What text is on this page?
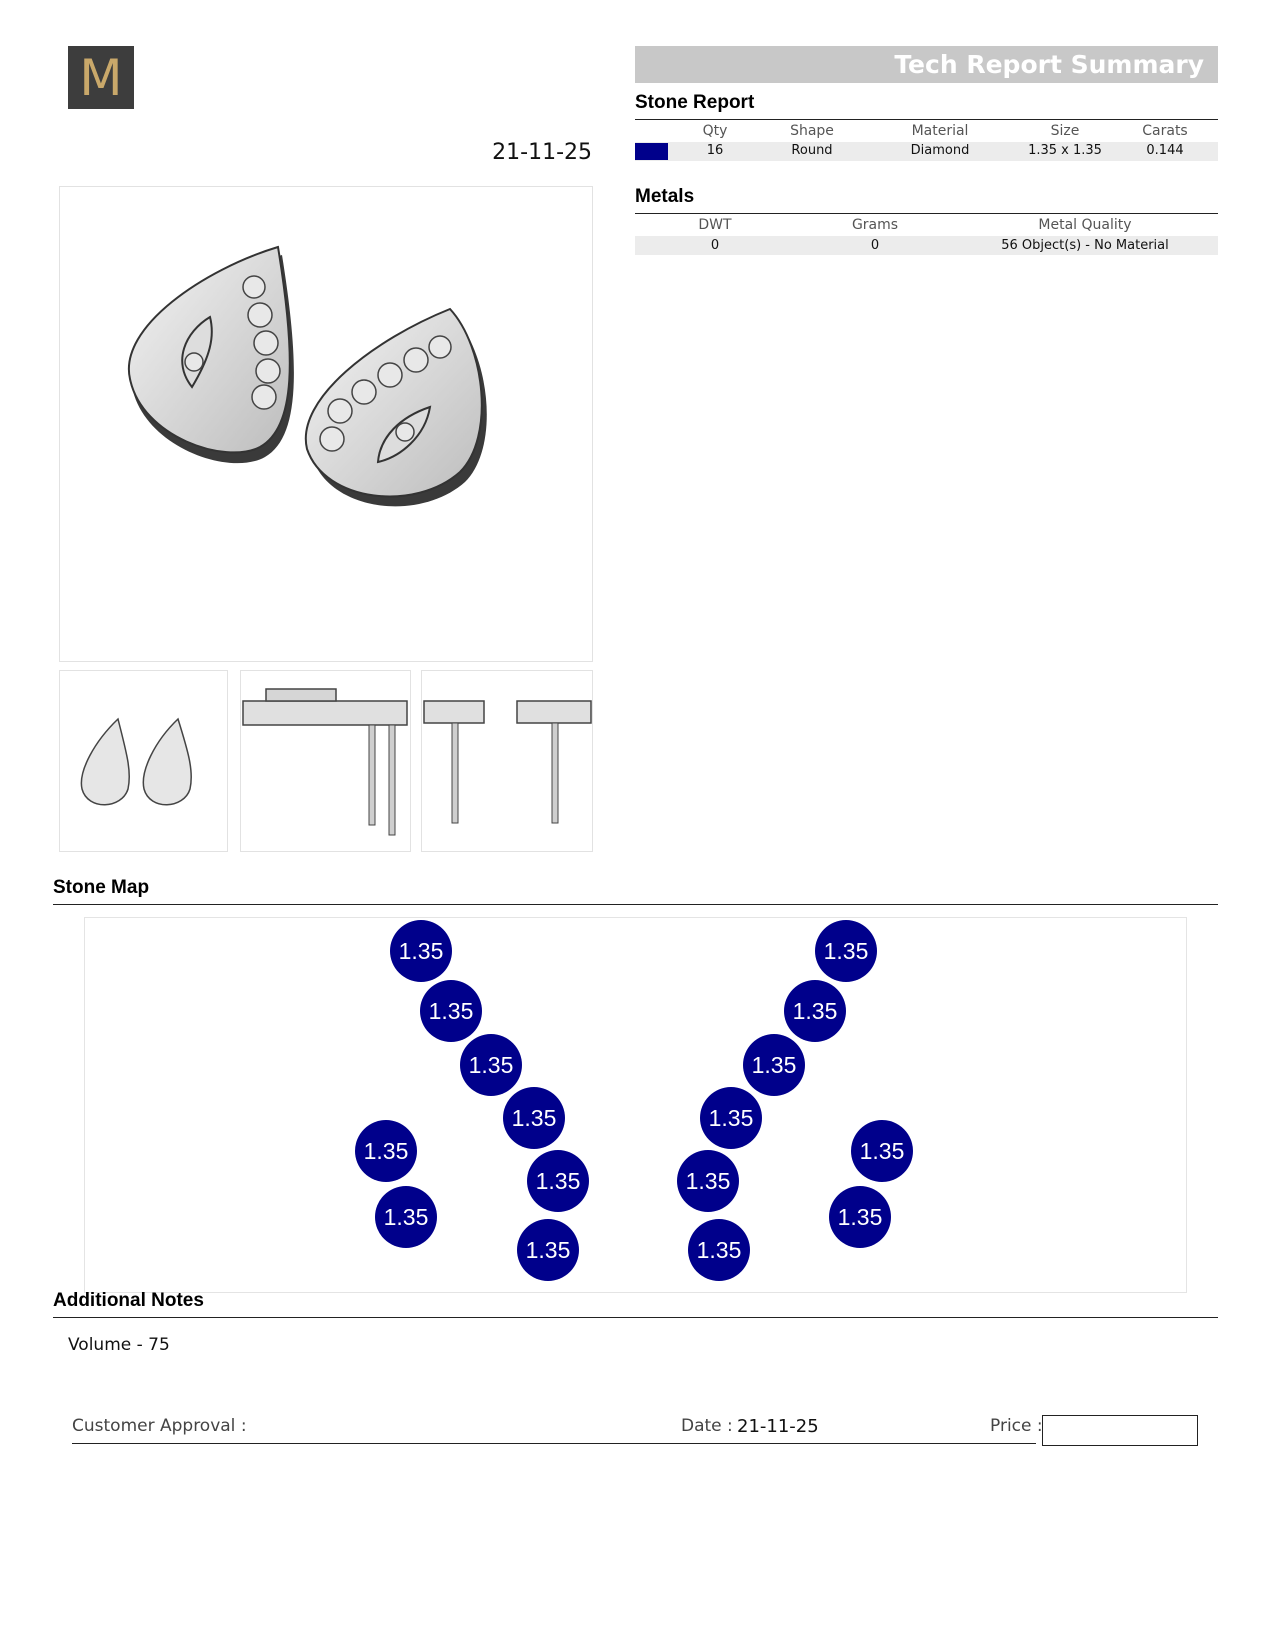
M
21-11-25
Tech Report Summary
Stone Report
Qty	Shape	Material	Size	Carats
16	Round	Diamond	1.35 x 1.35	0.144
Metals
DWT	Grams	Metal Quality
0	0	56 Object(s) - No Material
Stone Map
1.35
1.35
1.35
1.35
1.35
1.35
1.35
1.35
1.35
1.35
1.35
1.35
1.35
1.35
1.35
1.35
Additional Notes
Volume - 75
Customer Approval :	Date : 21-11-25	Price :
